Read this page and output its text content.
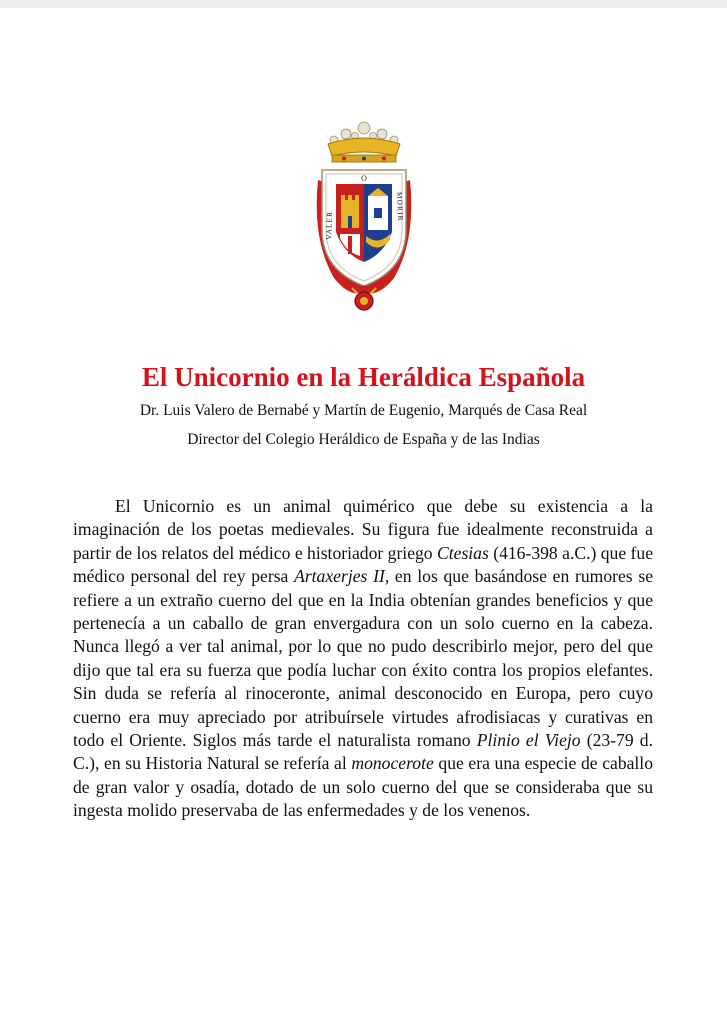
O
VALER
MORIR
El Unicornio en la Heráldica Española
Dr. Luis Valero de Bernabé y Martín de Eugenio, Marqués de Casa Real
Director del Colegio Heráldico de España y de las Indias

El Unicornio es un animal quimérico que debe su existencia a la imaginación de los poetas medievales. Su figura fue idealmente reconstruida a partir de los relatos del médico e historiador griego Ctesias (416-398 a.C.) que fue médico personal del rey persa Artaxerjes II, en los que basándose en rumores se refiere a un extraño cuerno del que en la India obtenían grandes beneficios y que pertenecía a un caballo de gran envergadura con un solo cuerno en la cabeza. Nunca llegó a ver tal animal, por lo que no pudo describirlo mejor, pero del que dijo que tal era su fuerza que podía luchar con éxito contra los propios elefantes. Sin duda se refería al rinoceronte, animal desconocido en Europa, pero cuyo cuerno era muy apreciado por atribuírsele virtudes afrodisiacas y curativas en todo el Oriente. Siglos más tarde el naturalista romano Plinio el Viejo (23-79 d. C.), en su Historia Natural se refería al monocerote que era una especie de caballo de gran valor y osadía, dotado de un solo cuerno del que se consideraba que su ingesta molido preservaba de las enfermedades y de los venenos.
